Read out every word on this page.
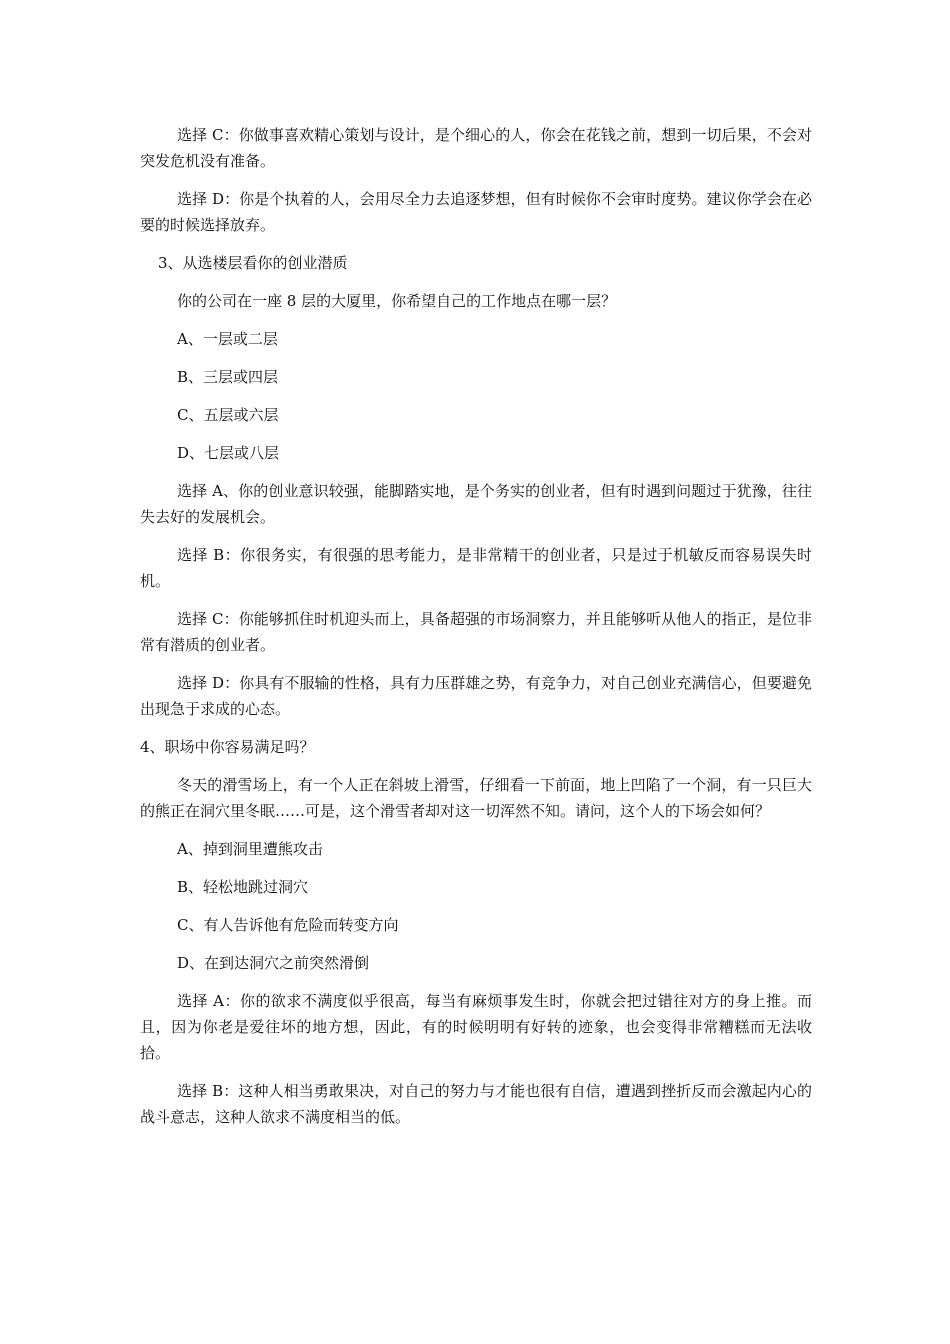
选择 C：你做事喜欢精心策划与设计，是个细心的人，你会在花钱之前，想到一切后果，不会对突发危机没有准备。

选择 D：你是个执着的人，会用尽全力去追逐梦想，但有时候你不会审时度势。建议你学会在必要的时候选择放弃。

3、从选楼层看你的创业潜质

你的公司在一座 8 层的大厦里，你希望自己的工作地点在哪一层？

A、一层或二层

B、三层或四层

C、五层或六层

D、七层或八层

选择 A、你的创业意识较强，能脚踏实地，是个务实的创业者，但有时遇到问题过于犹豫，往往失去好的发展机会。

选择 B：你很务实，有很强的思考能力，是非常精干的创业者，只是过于机敏反而容易误失时机。

选择 C：你能够抓住时机迎头而上，具备超强的市场洞察力，并且能够听从他人的指正，是位非常有潜质的创业者。

选择 D：你具有不服输的性格，具有力压群雄之势，有竞争力，对自己创业充满信心，但要避免出现急于求成的心态。

4、职场中你容易满足吗？

冬天的滑雪场上，有一个人正在斜坡上滑雪，仔细看一下前面，地上凹陷了一个洞，有一只巨大的熊正在洞穴里冬眠……可是，这个滑雪者却对这一切浑然不知。请问，这个人的下场会如何？

A、掉到洞里遭熊攻击

B、轻松地跳过洞穴

C、有人告诉他有危险而转变方向

D、在到达洞穴之前突然滑倒

选择 A：你的欲求不满度似乎很高，每当有麻烦事发生时，你就会把过错往对方的身上推。而且，因为你老是爱往坏的地方想，因此，有的时候明明有好转的迹象，也会变得非常糟糕而无法收拾。

选择 B：这种人相当勇敢果决，对自己的努力与才能也很有自信，遭遇到挫折反而会激起内心的战斗意志，这种人欲求不满度相当的低。
